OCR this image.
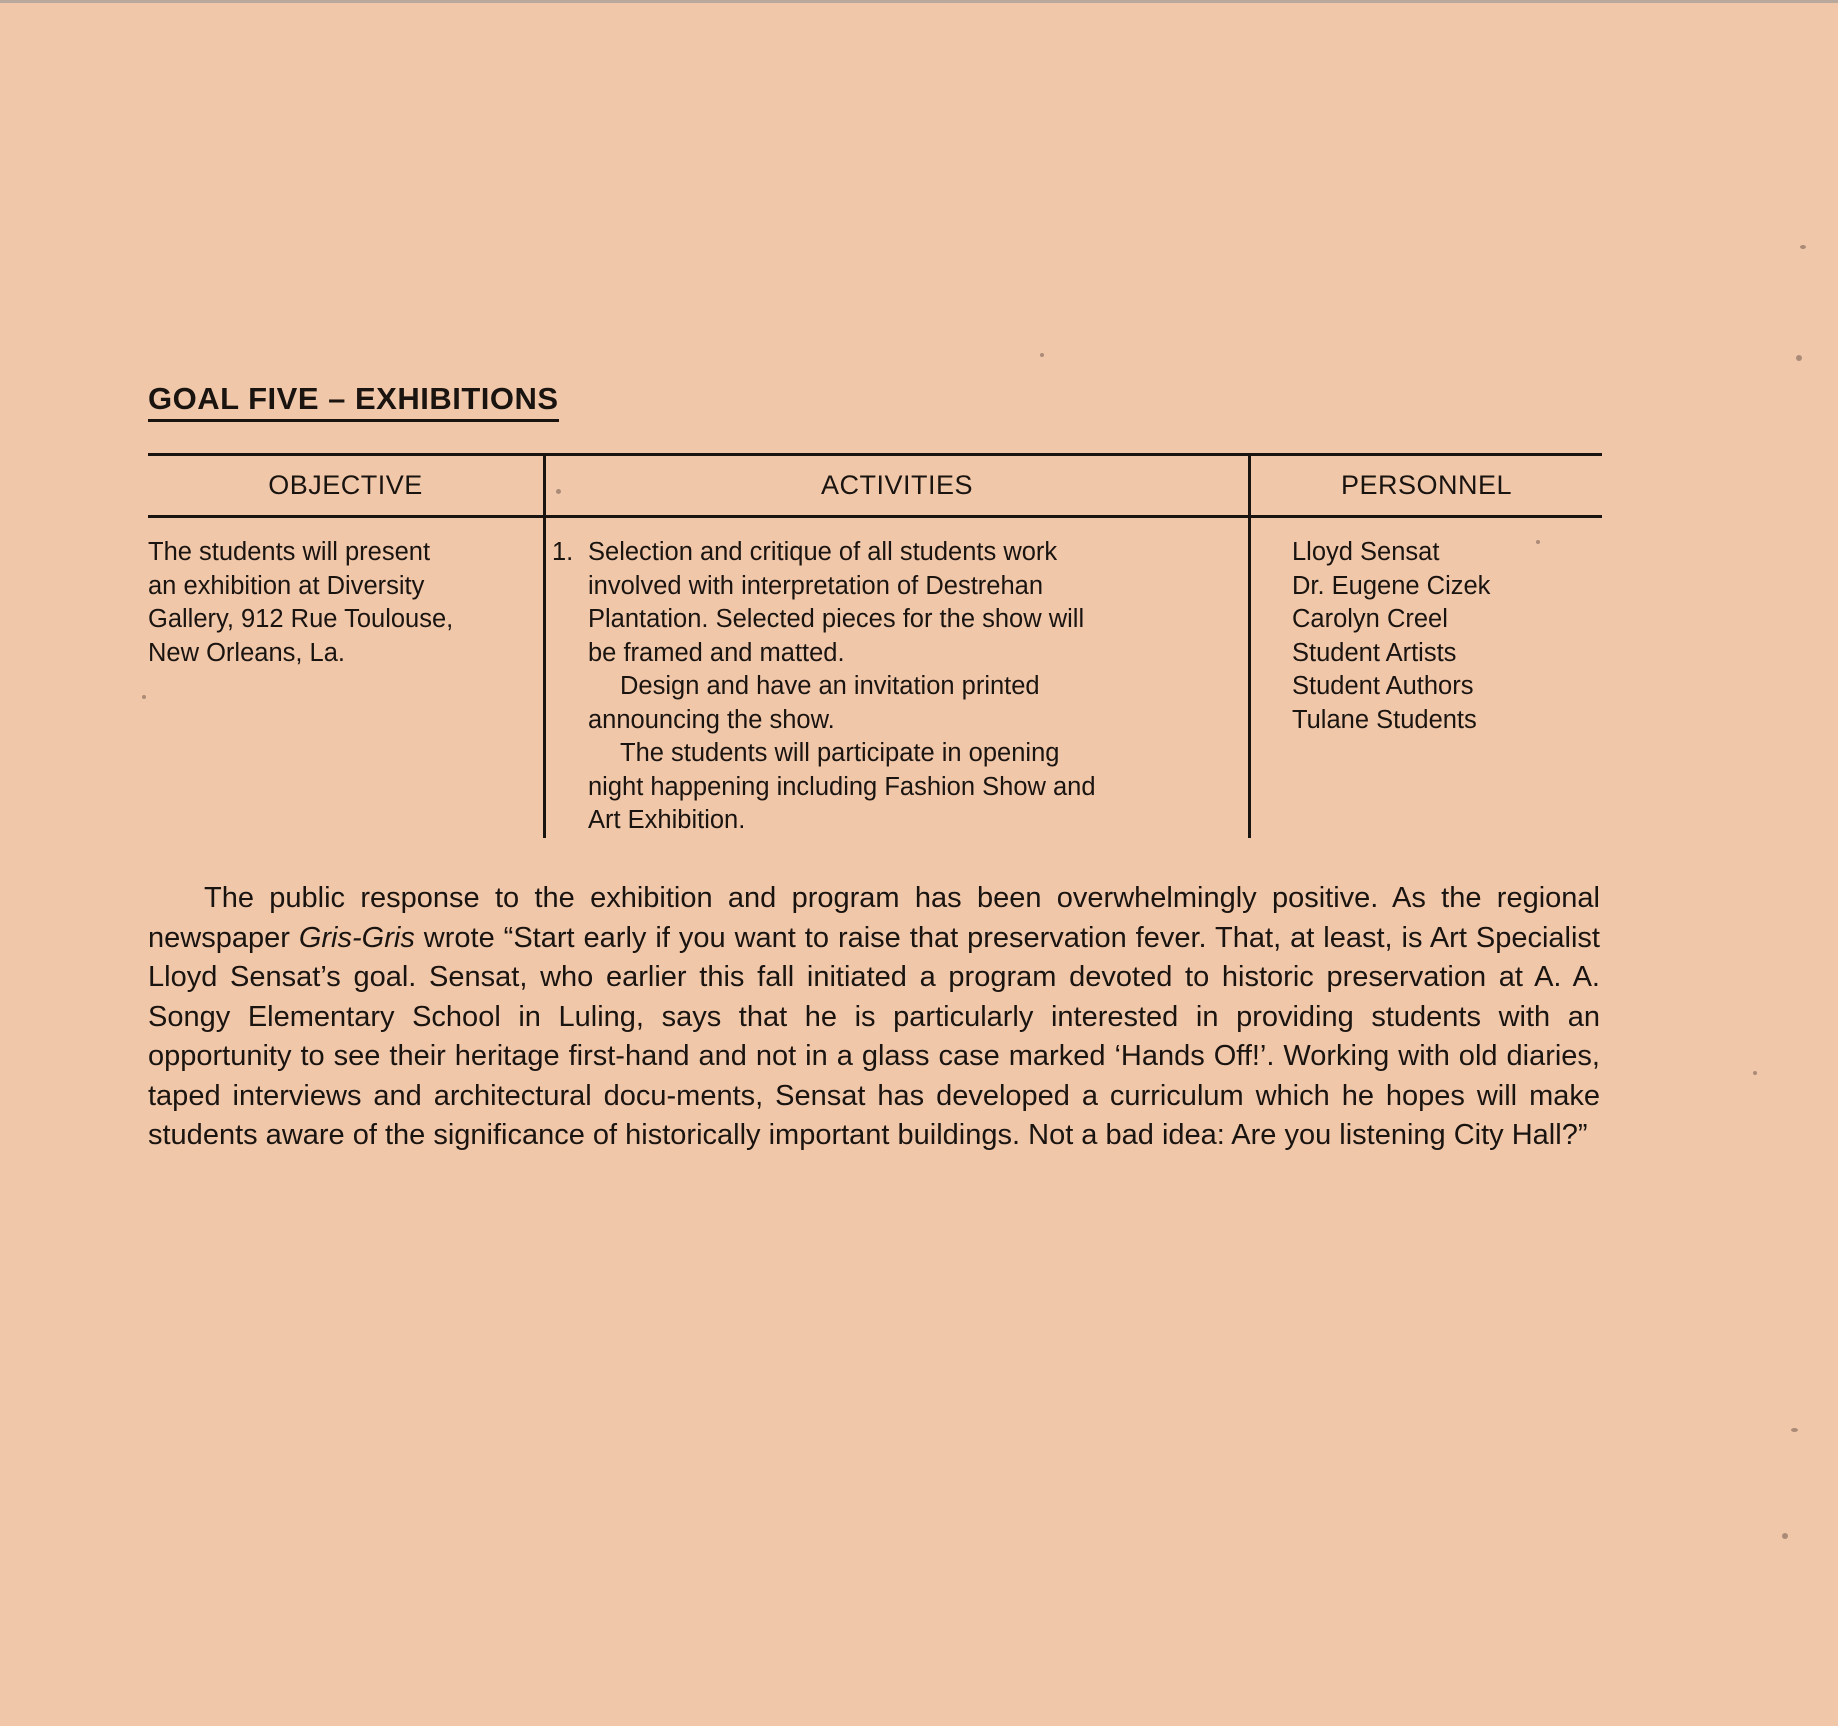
GOAL FIVE – EXHIBITIONS
OBJECTIVE	ACTIVITIES	PERSONNEL
The students will present
an exhibition at Diversity
Gallery, 912 Rue Toulouse,
New Orleans, La.
1. Selection and critique of all students work
involved with interpretation of Destrehan
Plantation. Selected pieces for the show will
be framed and matted.
Design and have an invitation printed
announcing the show.
The students will participate in opening
night happening including Fashion Show and
Art Exhibition.
Lloyd Sensat
Dr. Eugene Cizek
Carolyn Creel
Student Artists
Student Authors
Tulane Students

The public response to the exhibition and program has been overwhelmingly positive. As the regional newspaper Gris-Gris wrote “Start early if you want to raise that preservation fever. That, at least, is Art Specialist Lloyd Sensat’s goal. Sensat, who earlier this fall initiated a program devoted to historic preservation at A. A. Songy Elementary School in Luling, says that he is particularly interested in providing students with an opportunity to see their heritage first-hand and not in a glass case marked ‘Hands Off!’. Working with old diaries, taped interviews and architectural docu-ments, Sensat has developed a curriculum which he hopes will make students aware of the significance of historically important buildings. Not a bad idea: Are you listening City Hall?”
